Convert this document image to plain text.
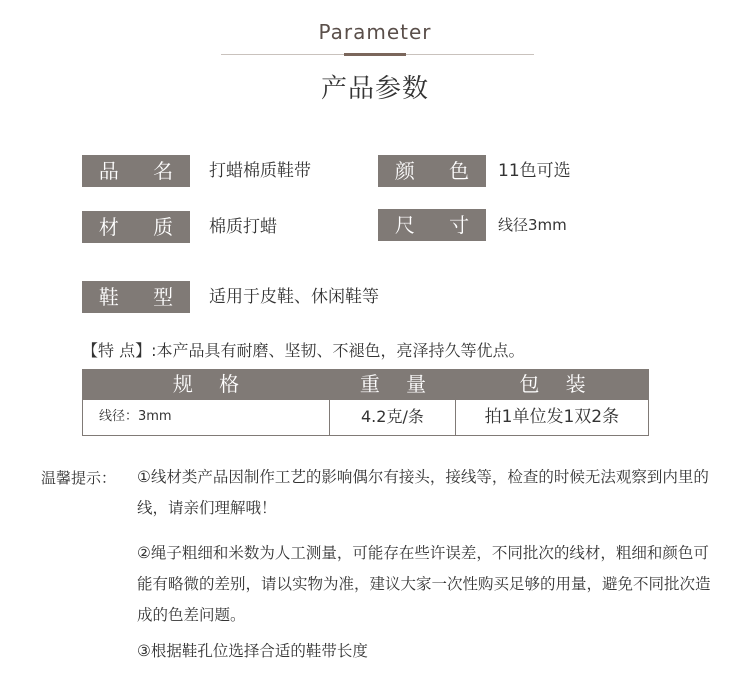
Parameter
产品参数
品 名 打蜡棉质鞋带	颜 色 11色可选
材 质 棉质打蜡	尺 寸 线径3mm
鞋 型 适用于皮鞋、休闲鞋等
【特 点】:本产品具有耐磨、坚韧、不褪色，亮泽持久等优点。
规 格	重 量	包 装
线径：3mm	4.2克/条	拍1单位发1双2条
温馨提示： ①线材类产品因制作工艺的影响偶尔有接头，接线等，检查的时候无法观察到内里的线，请亲们理解哦！
②绳子粗细和米数为人工测量，可能存在些许误差，不同批次的线材，粗细和颜色可能有略微的差别，请以实物为准，建议大家一次性购买足够的用量，避免不同批次造成的色差问题。
③根据鞋孔位选择合适的鞋带长度
